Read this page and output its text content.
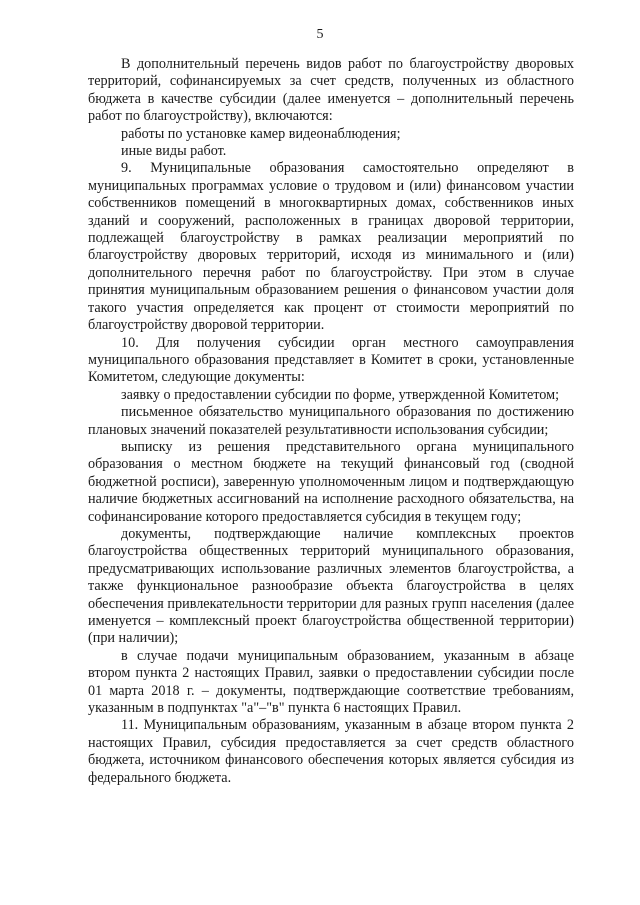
5

В дополнительный перечень видов работ по благоустройству дворовых территорий, софинансируемых за счет средств, полученных из областного бюджета в качестве субсидии (далее именуется – дополнительный перечень работ по благоустройству), включаются:

работы по установке камер видеонаблюдения;

иные виды работ.

9. Муниципальные образования самостоятельно определяют в муниципальных программах условие о трудовом и (или) финансовом участии собственников помещений в многоквартирных домах, собственников иных зданий и сооружений, расположенных в границах дворовой территории, подлежащей благоустройству в рамках реализации мероприятий по благоустройству дворовых территорий, исходя из минимального и (или) дополнительного перечня работ по благоустройству. При этом в случае принятия муниципальным образованием решения о финансовом участии доля такого участия определяется как процент от стоимости мероприятий по благоустройству дворовой территории.

10. Для получения субсидии орган местного самоуправления муниципального образования представляет в Комитет в сроки, установленные Комитетом, следующие документы:

заявку о предоставлении субсидии по форме, утвержденной Комитетом;

письменное обязательство муниципального образования по достижению плановых значений показателей результативности использования субсидии;

выписку из решения представительного органа муниципального образования о местном бюджете на текущий финансовый год (сводной бюджетной росписи), заверенную уполномоченным лицом и подтверждающую наличие бюджетных ассигнований на исполнение расходного обязательства, на софинансирование которого предоставляется субсидия в текущем году;

документы, подтверждающие наличие комплексных проектов благоустройства общественных территорий муниципального образования, предусматривающих использование различных элементов благоустройства, а также функциональное разнообразие объекта благоустройства в целях обеспечения привлекательности территории для разных групп населения (далее именуется – комплексный проект благоустройства общественной территории) (при наличии);

в случае подачи муниципальным образованием, указанным в абзаце втором пункта 2 настоящих Правил, заявки о предоставлении субсидии после 01 марта 2018 г. – документы, подтверждающие соответствие требованиям, указанным в подпунктах "а"–"в" пункта 6 настоящих Правил.

11. Муниципальным образованиям, указанным в абзаце втором пункта 2 настоящих Правил, субсидия предоставляется за счет средств областного бюджета, источником финансового обеспечения которых является субсидия из федерального бюджета.
